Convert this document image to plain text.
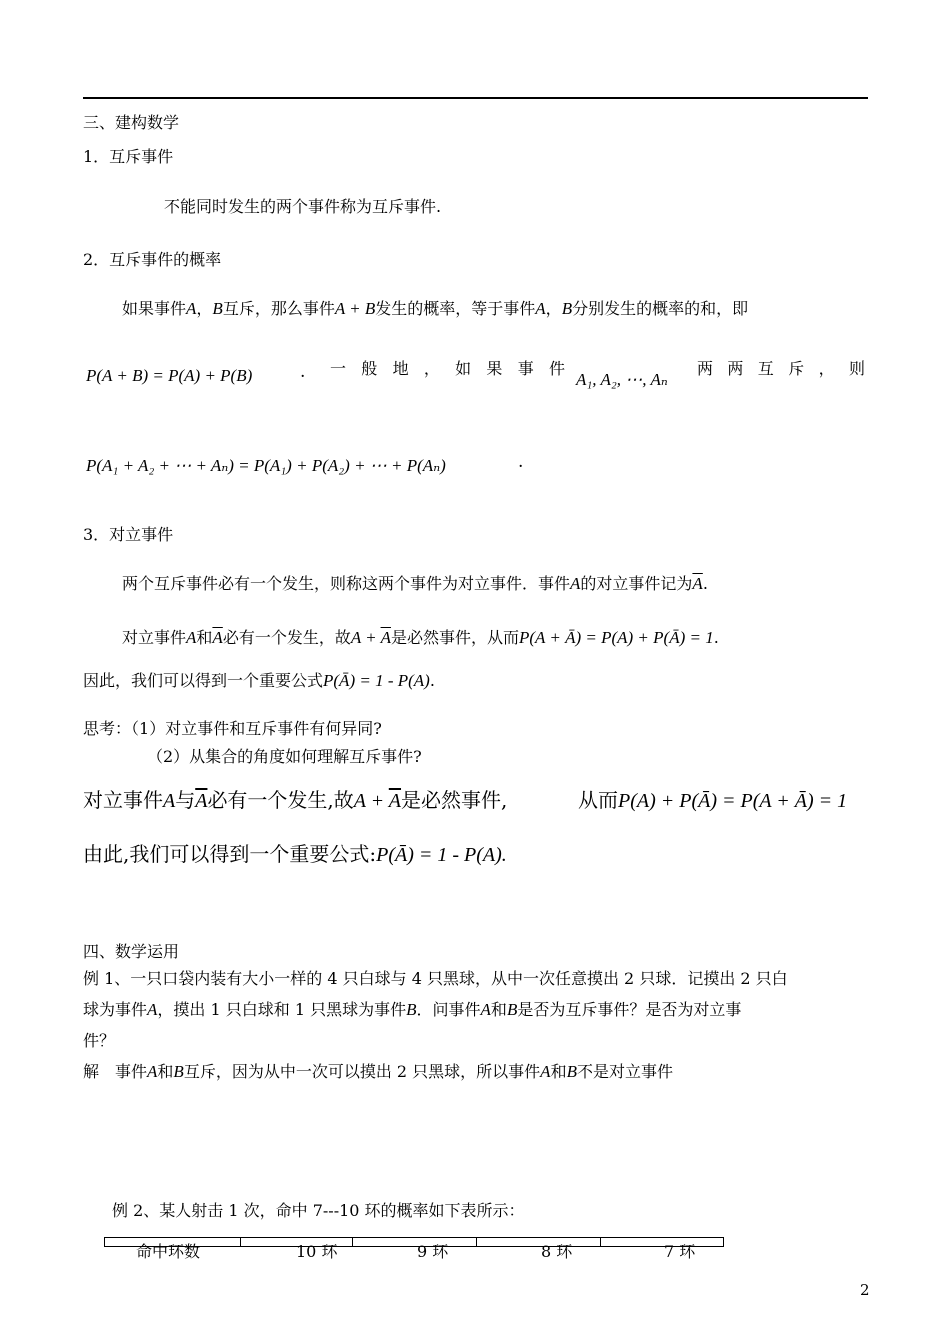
三、建构数学
1．互斥事件
不能同时发生的两个事件称为互斥事件.
2．互斥事件的概率
如果事件A，B互斥，那么事件A + B发生的概率，等于事件A，B分别发生的概率的和，即
P(A + B) = P(A) + P(B)	. 一 般 地 ， 如 果 事 件
A₁, A₂, ⋯, Aₙ
两 两 互 斥 ， 则
P(A₁ + A₂ + ⋯ + Aₙ) = P(A₁) + P(A₂) + ⋯ + P(Aₙ)	.
3．对立事件
两个互斥事件必有一个发生，则称这两个事件为对立事件．事件A的对立事件记为$\overline{A}$.
对立事件A和$\overline{A}$必有一个发生，故$A + \overline{A}$是必然事件，从而P(A + Ā) = P(A) + P(Ā) = 1.
因此，我们可以得到一个重要公式P(Ā) = 1 - P(A).
思考：（1）对立事件和互斥事件有何异同?
（2）从集合的角度如何理解互斥事件?
对立事件A与$\overline{A}$必有一个发生,故$A + \overline{A}$是必然事件,	从而P(A) + P(Ā) = P(A + Ā) = 1
由此,我们可以得到一个重要公式:P(Ā) = 1 - P(A).
四、数学运用
例 1、一只口袋内装有大小一样的 4 只白球与 4 只黑球，从中一次任意摸出 2 只球．记摸出 2 只白
球为事件A，摸出 1 只白球和 1 只黑球为事件B．问事件A和B是否为互斥事件？是否为对立事
件？
解　事件A和B互斥，因为从中一次可以摸出 2 只黑球，所以事件A和B不是对立事件
例 2、某人射击 1 次，命中 7---10 环的概率如下表所示：
命中环数	10 环	9 环	8 环	7 环
2
